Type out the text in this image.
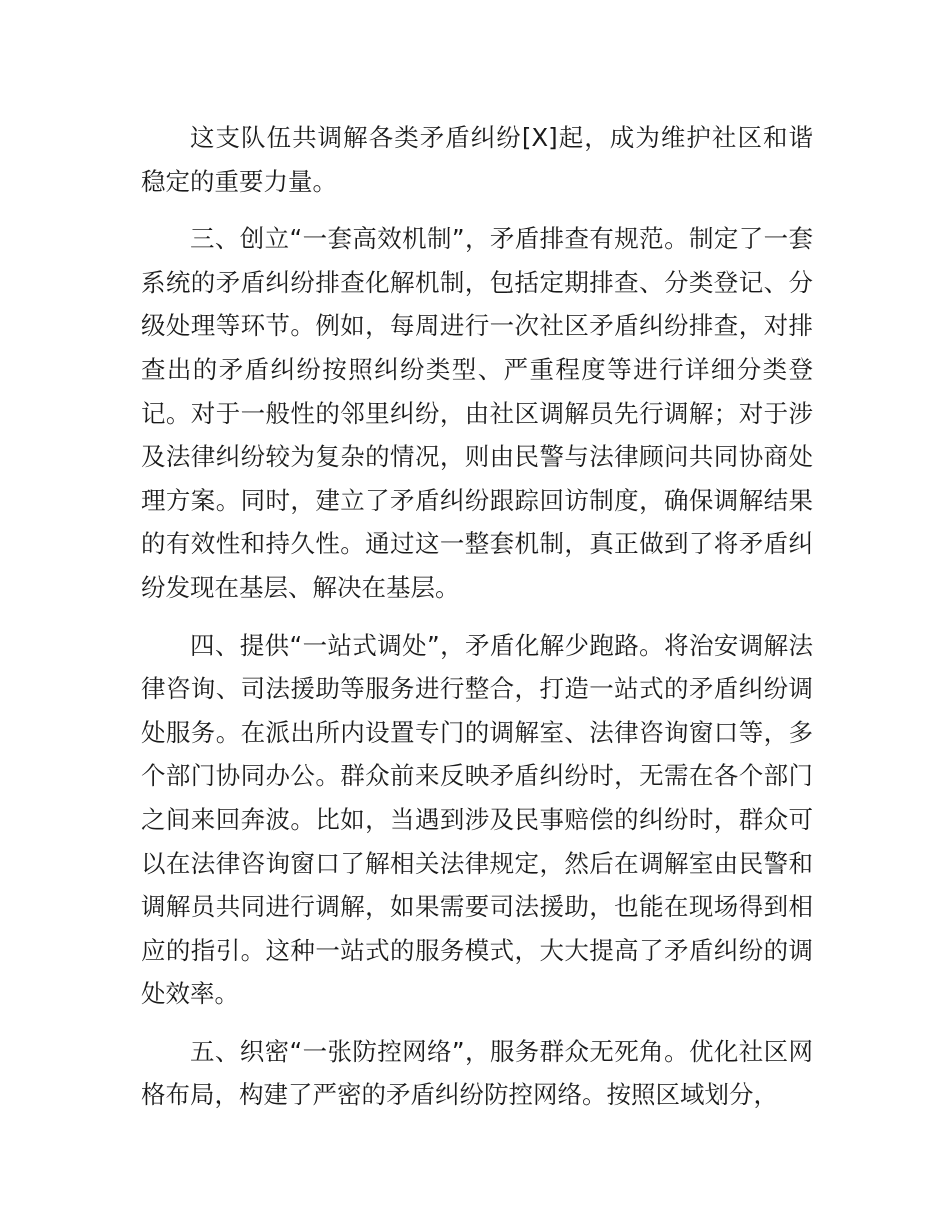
这支队伍共调解各类矛盾纠纷[X]起，成为维护社区和谐稳定的重要力量。

三、创立“一套高效机制”，矛盾排查有规范。制定了一套系统的矛盾纠纷排查化解机制，包括定期排查、分类登记、分级处理等环节。例如，每周进行一次社区矛盾纠纷排查，对排查出的矛盾纠纷按照纠纷类型、严重程度等进行详细分类登记。对于一般性的邻里纠纷，由社区调解员先行调解；对于涉及法律纠纷较为复杂的情况，则由民警与法律顾问共同协商处理方案。同时，建立了矛盾纠纷跟踪回访制度，确保调解结果的有效性和持久性。通过这一整套机制，真正做到了将矛盾纠纷发现在基层、解决在基层。

四、提供“一站式调处”，矛盾化解少跑路。将治安调解法律咨询、司法援助等服务进行整合，打造一站式的矛盾纠纷调处服务。在派出所内设置专门的调解室、法律咨询窗口等，多个部门协同办公。群众前来反映矛盾纠纷时，无需在各个部门之间来回奔波。比如，当遇到涉及民事赔偿的纠纷时，群众可以在法律咨询窗口了解相关法律规定，然后在调解室由民警和调解员共同进行调解，如果需要司法援助，也能在现场得到相应的指引。这种一站式的服务模式，大大提高了矛盾纠纷的调处效率。

五、织密“一张防控网络”，服务群众无死角。优化社区网格布局，构建了严密的矛盾纠纷防控网络。按照区域划分，
